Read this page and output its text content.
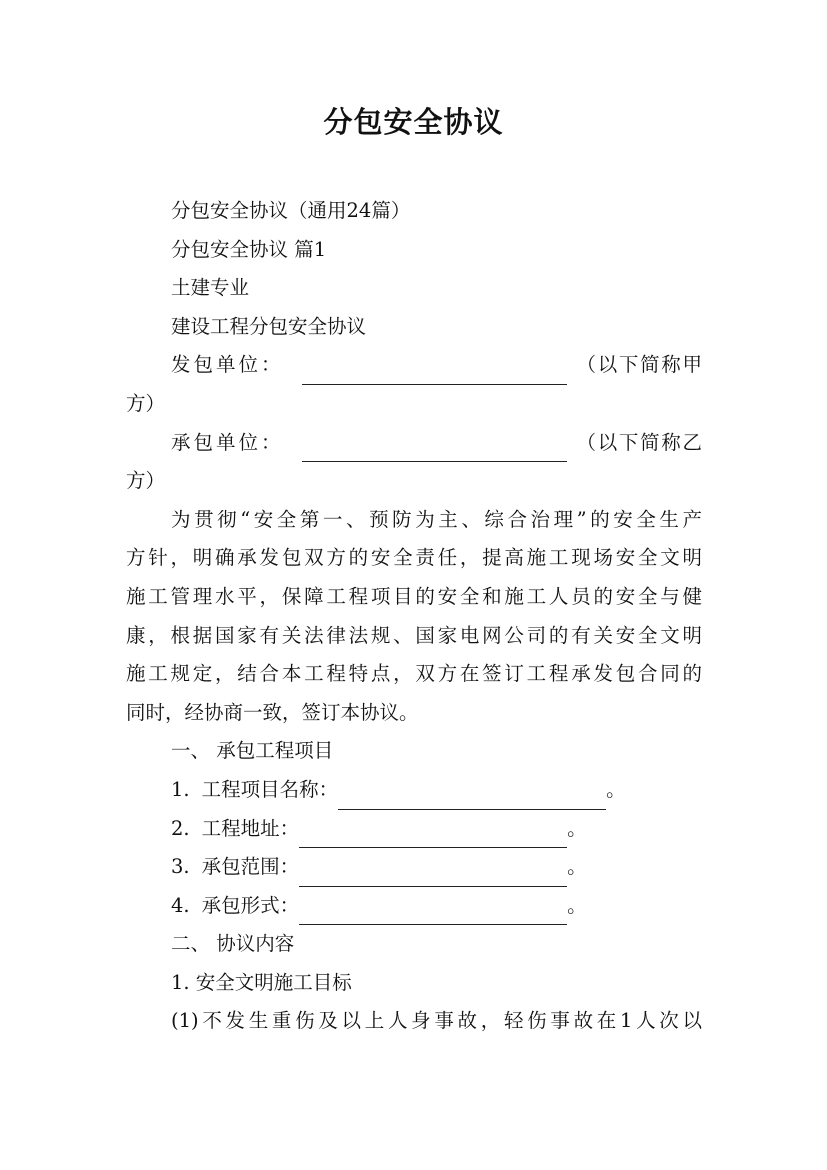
分包安全协议
分包安全协议（通用24篇）
分包安全协议 篇1
土建专业
建设工程分包安全协议
发包单位：	（以下简称甲
方）
承包单位：	（以下简称乙
方）
为贯彻“安全第一、预防为主、综合治理”的安全生产
方针，明确承发包双方的安全责任，提高施工现场安全文明
施工管理水平，保障工程项目的安全和施工人员的安全与健
康，根据国家有关法律法规、国家电网公司的有关安全文明
施工规定，结合本工程特点，双方在签订工程承发包合同的
同时，经协商一致，签订本协议。
一、 承包工程项目
1. 工程项目名称：	。
2. 工程地址：	。
3. 承包范围：	。
4. 承包形式：	。
二、 协议内容
1. 安全文明施工目标
(1)不发生重伤及以上人身事故，轻伤事故在1人次以
